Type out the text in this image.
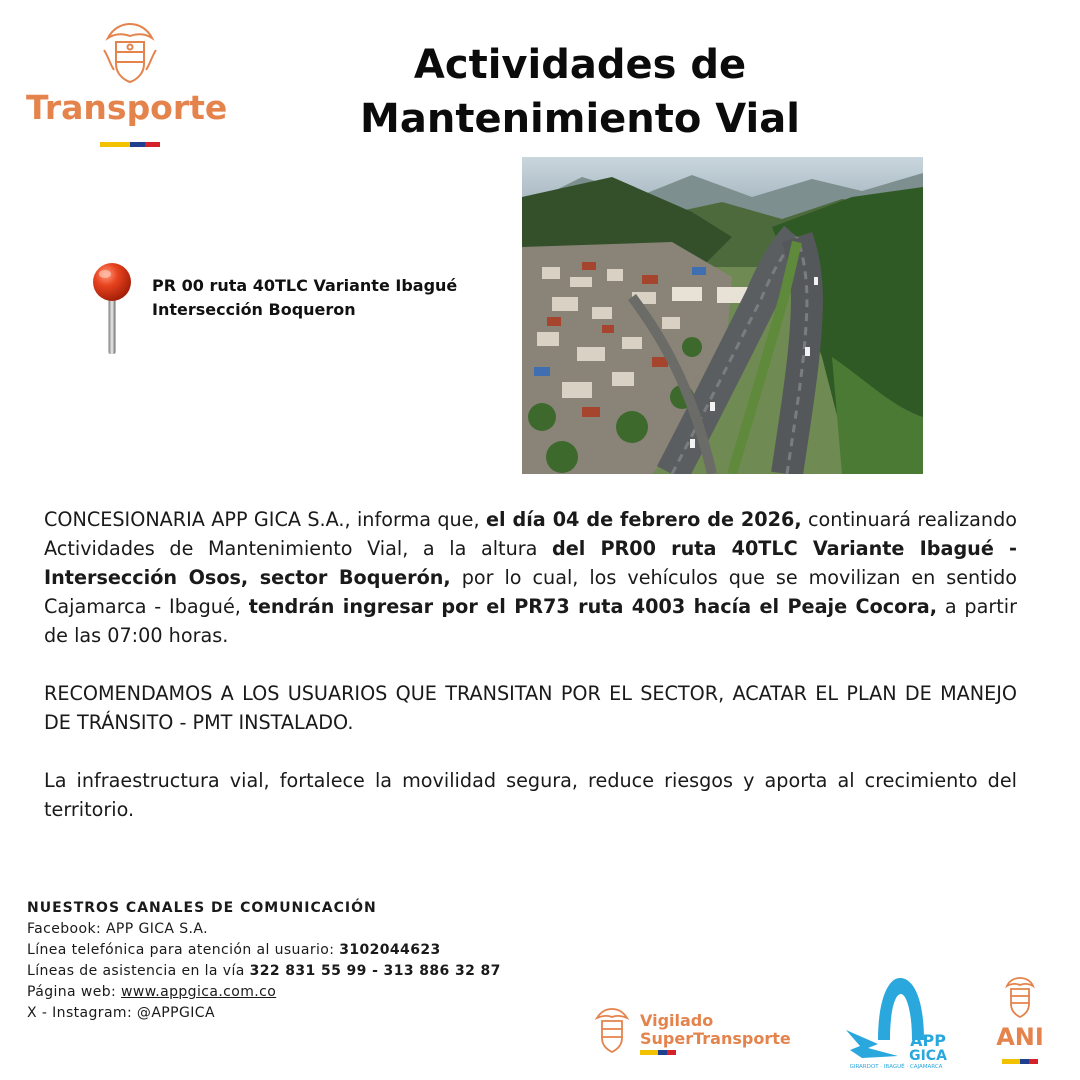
Transporte
Actividades de
Mantenimiento Vial
PR 00 ruta 40TLC Variante Ibagué
Intersección Boqueron

CONCESIONARIA APP GICA S.A., informa que, el día 04 de febrero de 2026, continuará realizando Actividades de Mantenimiento Vial, a la altura del PR00 ruta 40TLC Variante Ibagué - Intersección Osos, sector Boquerón, por lo cual, los vehículos que se movilizan en sentido Cajamarca - Ibagué, tendrán ingresar por el PR73 ruta 4003 hacía el Peaje Cocora, a partir de las 07:00 horas.

RECOMENDAMOS A LOS USUARIOS QUE TRANSITAN POR EL SECTOR, ACATAR EL PLAN DE MANEJO DE TRÁNSITO - PMT INSTALADO.

La infraestructura vial, fortalece la movilidad segura, reduce riesgos y aporta al crecimiento del territorio.

NUESTROS CANALES DE COMUNICACIÓN
Facebook: APP GICA S.A.
Línea telefónica para atención al usuario: 3102044623
Líneas de asistencia en la vía 322 831 55 99 - 313 886 32 87
Página web: www.appgica.com.co
X - Instagram: @APPGICA	Vigilado
SuperTransporte	APP
GICA
GIRARDOT · IBAGUÉ · CAJAMARCA
ANI
